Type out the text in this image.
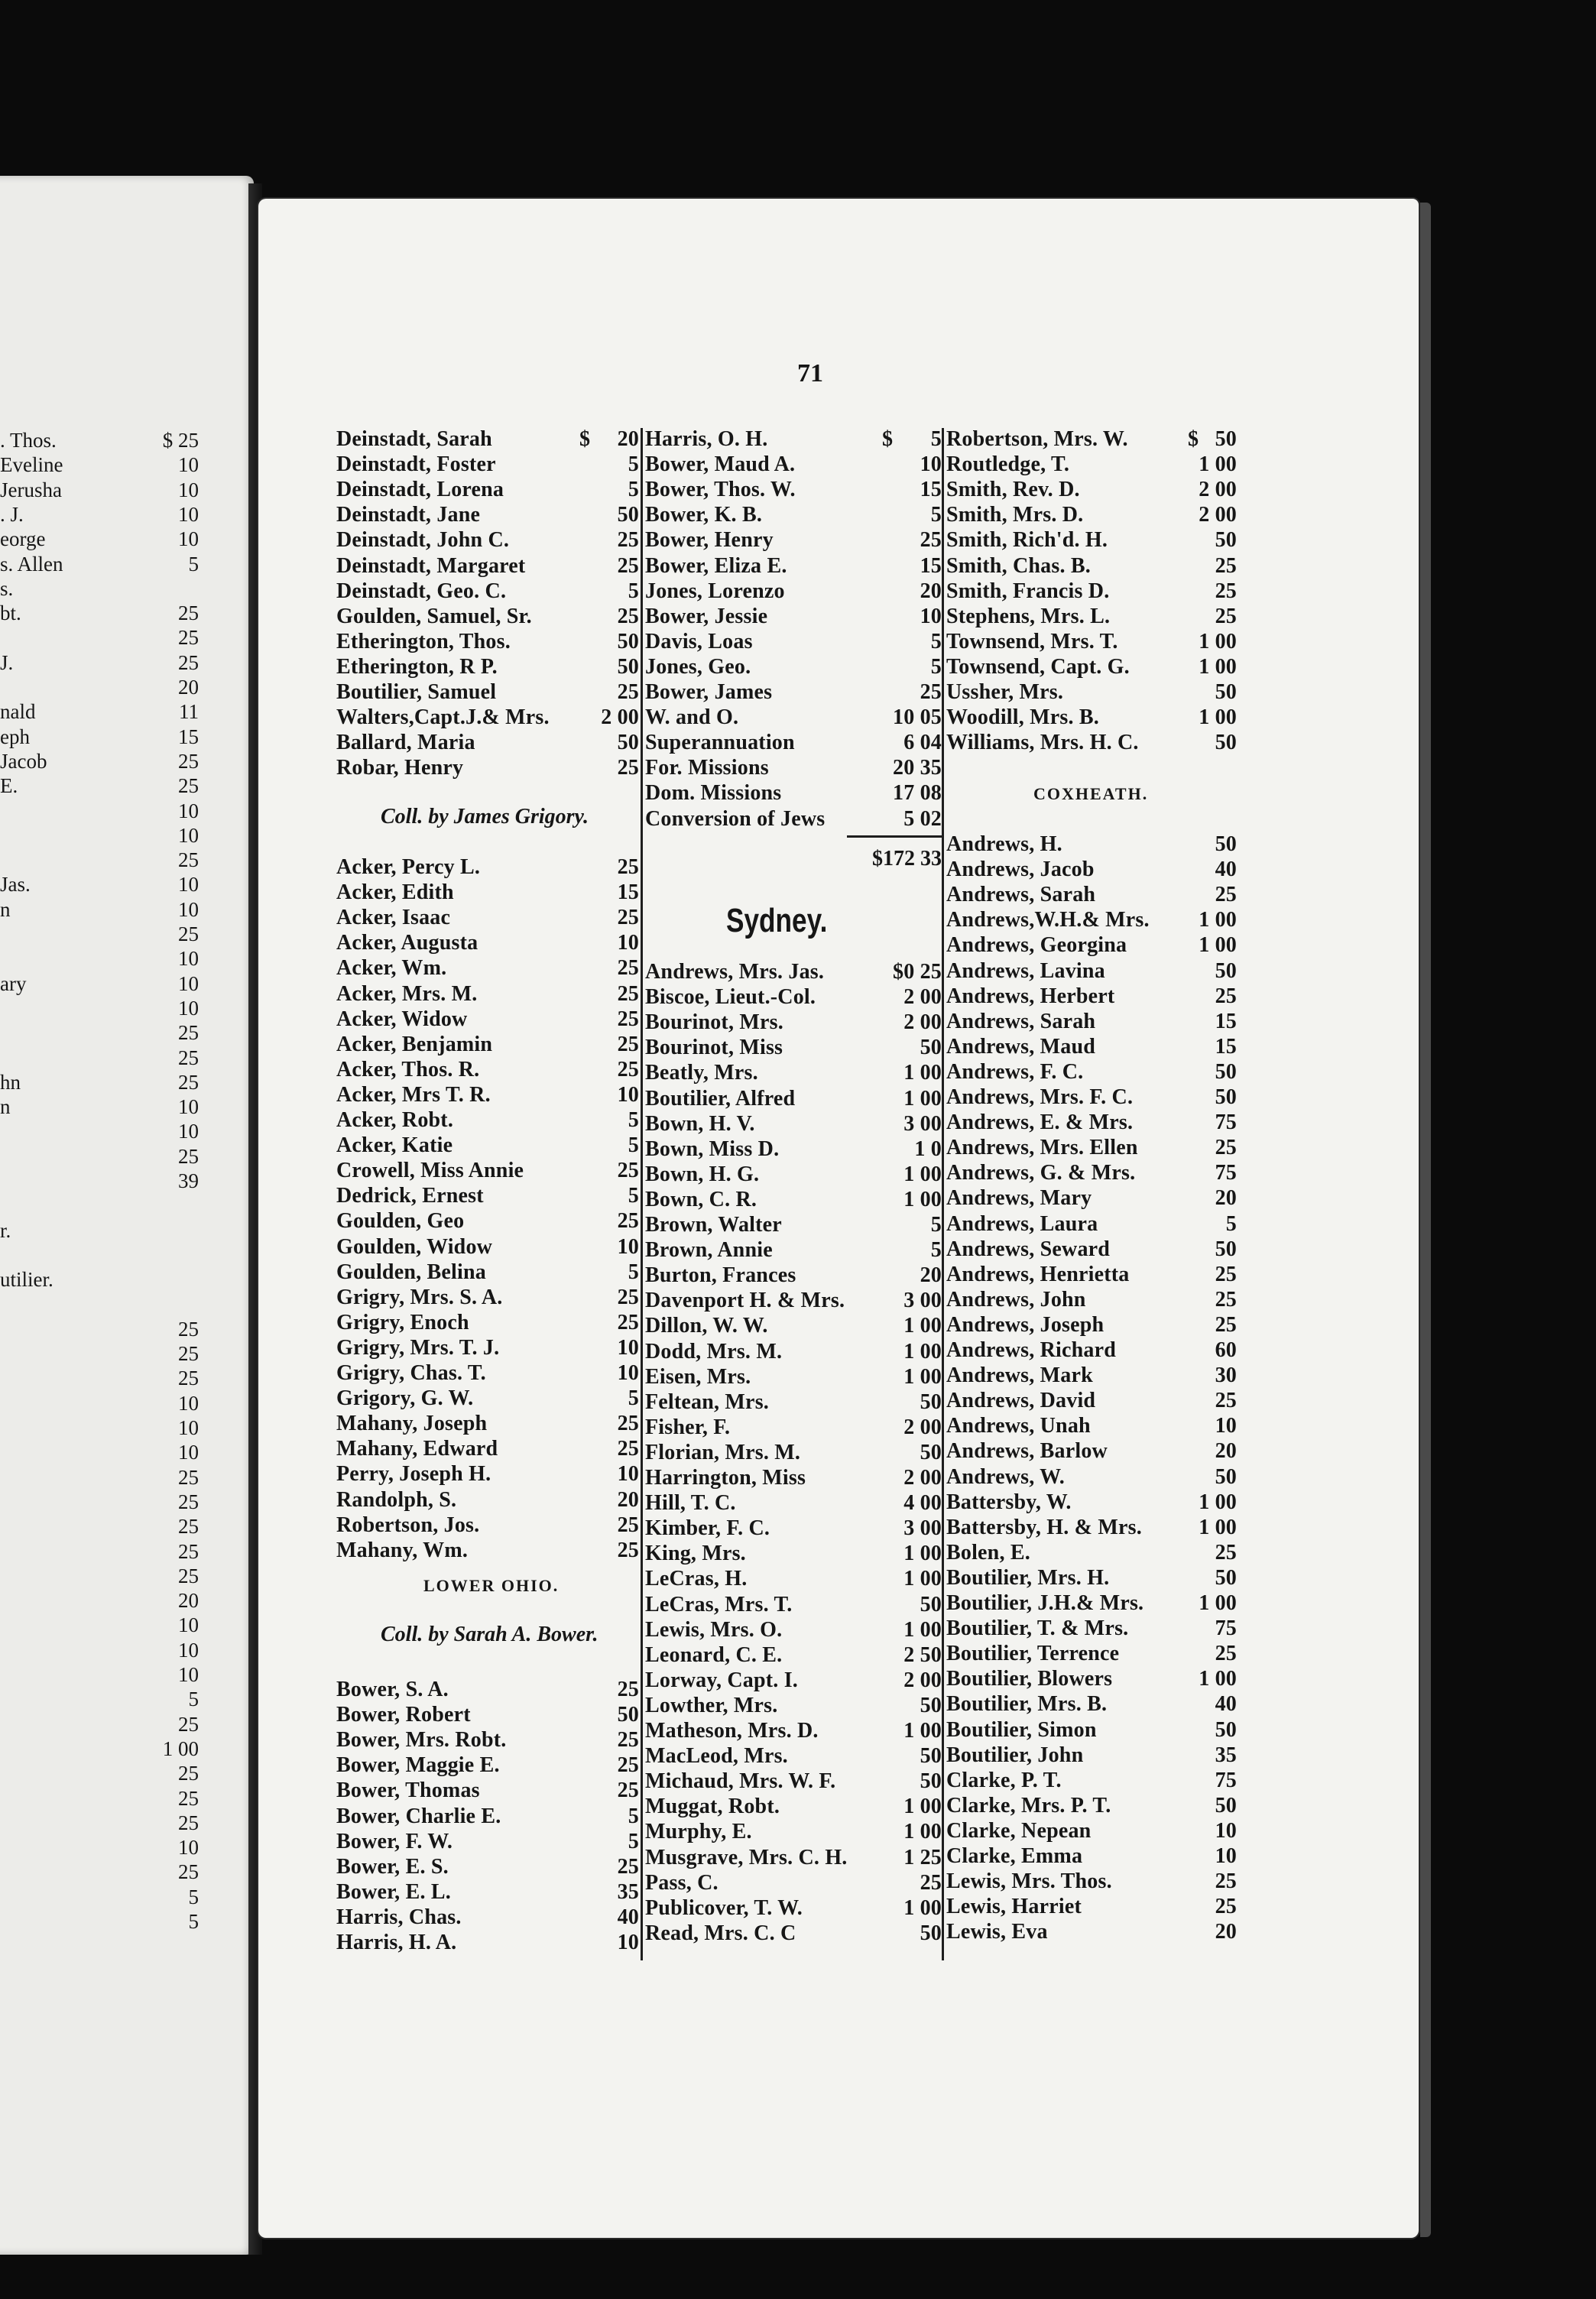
. Thos.	$ 25
Eveline	10
Jerusha	10
. J.	10
eorge	10
s. Allen	5
s.
bt.	25
25
J.	25
20
nald	11
eph	15
Jacob	25
E.	25
10
10
25
Jas.	10
n	10
25
10
ary	10
10
25
25
hn	25
n	10
10
25
39
r.
utilier.
25
25
25
10
10
10
25
25
25
25
25
20
10
10
10
5
25
1 00
25
25
25
10
25
5
5
71
Coll. by James Grigory.
LOWER OHIO.
Coll. by Sarah A. Bower.
$172 33
Sydney.
COXHEATH.
Deinstadt, Sarah	$ 20
Deinstadt, Foster	5
Deinstadt, Lorena	5
Deinstadt, Jane	50
Deinstadt, John C.	25
Deinstadt, Margaret	25
Deinstadt, Geo. C.	5
Goulden, Samuel, Sr.	25
Etherington, Thos.	50
Etherington, R P.	50
Boutilier, Samuel	25
Walters,Capt.J.& Mrs. 2 00
Ballard, Maria	50
Robar, Henry	25
Acker, Percy L.	25
Acker, Edith	15
Acker, Isaac	25
Acker, Augusta	10
Acker, Wm.	25
Acker, Mrs. M.	25
Acker, Widow	25
Acker, Benjamin	25
Acker, Thos. R.	25
Acker, Mrs T. R.	10
Acker, Robt.	5
Acker, Katie	5
Crowell, Miss Annie	25
Dedrick, Ernest	5
Goulden, Geo	25
Goulden, Widow	10
Goulden, Belina	5
Grigry, Mrs. S. A.	25
Grigry, Enoch	25
Grigry, Mrs. T. J.	10
Grigry, Chas. T.	10
Grigory, G. W.	5
Mahany, Joseph	25
Mahany, Edward	25
Perry, Joseph H.	10
Randolph, S.	20
Robertson, Jos.	25
Mahany, Wm.	25
Bower, S. A.	25
Bower, Robert	50
Bower, Mrs. Robt.	25
Bower, Maggie E.	25
Bower, Thomas	25
Bower, Charlie E.	5
Bower, F. W.	5
Bower, E. S.	25
Bower, E. L.	35
Harris, Chas.	40
Harris, H. A.	10
Harris, O. H.	$ 5
Bower, Maud A.	10
Bower, Thos. W.	15
Bower, K. B.	5
Bower, Henry	25
Bower, Eliza E.	15
Jones, Lorenzo	20
Bower, Jessie	10
Davis, Loas	5
Jones, Geo.	5
Bower, James	25
W. and O.	10 05
Superannuation	6 04
For. Missions	20 35
Dom. Missions	17 08
Conversion of Jews	5 02
Andrews, Mrs. Jas.	$0 25
Biscoe, Lieut.-Col.	2 00
Bourinot, Mrs.	2 00
Bourinot, Miss	50
Beatly, Mrs.	1 00
Boutilier, Alfred	1 00
Bown, H. V.	3 00
Bown, Miss D.	1 0
Bown, H. G.	1 00
Bown, C. R.	1 00
Brown, Walter	5
Brown, Annie	5
Burton, Frances	20
Davenport H. & Mrs.	3 00
Dillon, W. W.	1 00
Dodd, Mrs. M.	1 00
Eisen, Mrs.	1 00
Feltean, Mrs.	50
Fisher, F.	2 00
Florian, Mrs. M.	50
Harrington, Miss	2 00
Hill, T. C.	4 00
Kimber, F. C.	3 00
King, Mrs.	1 00
LeCras, H.	1 00
LeCras, Mrs. T.	50
Lewis, Mrs. O.	1 00
Leonard, C. E.	2 50
Lorway, Capt. I.	2 00
Lowther, Mrs.	50
Matheson, Mrs. D.	1 00
MacLeod, Mrs.	50
Michaud, Mrs. W. F.	50
Muggat, Robt.	1 00
Murphy, E.	1 00
Musgrave, Mrs. C. H.	1 25
Pass, C.	25
Publicover, T. W.	1 00
Read, Mrs. C. C	50
Robertson, Mrs. W.	$ 50
Routledge, T.	1 00
Smith, Rev. D.	2 00
Smith, Mrs. D.	2 00
Smith, Rich'd. H.	50
Smith, Chas. B.	25
Smith, Francis D.	25
Stephens, Mrs. L.	25
Townsend, Mrs. T.	1 00
Townsend, Capt. G.	1 00
Ussher, Mrs.	50
Woodill, Mrs. B.	1 00
Williams, Mrs. H. C.	50
Andrews, H.	50
Andrews, Jacob	40
Andrews, Sarah	25
Andrews,W.H.& Mrs. 1 00
Andrews, Georgina	1 00
Andrews, Lavina	50
Andrews, Herbert	25
Andrews, Sarah	15
Andrews, Maud	15
Andrews, F. C.	50
Andrews, Mrs. F. C.	50
Andrews, E. & Mrs.	75
Andrews, Mrs. Ellen	25
Andrews, G. & Mrs.	75
Andrews, Mary	20
Andrews, Laura	5
Andrews, Seward	50
Andrews, Henrietta	25
Andrews, John	25
Andrews, Joseph	25
Andrews, Richard	60
Andrews, Mark	30
Andrews, David	25
Andrews, Unah	10
Andrews, Barlow	20
Andrews, W.	50
Battersby, W.	1 00
Battersby, H. & Mrs.	1 00
Bolen, E.	25
Boutilier, Mrs. H.	50
Boutilier, J.H.& Mrs.	1 00
Boutilier, T. & Mrs.	75
Boutilier, Terrence	25
Boutilier, Blowers	1 00
Boutilier, Mrs. B.	40
Boutilier, Simon	50
Boutilier, John	35
Clarke, P. T.	75
Clarke, Mrs. P. T.	50
Clarke, Nepean	10
Clarke, Emma	10
Lewis, Mrs. Thos.	25
Lewis, Harriet	25
Lewis, Eva	20
